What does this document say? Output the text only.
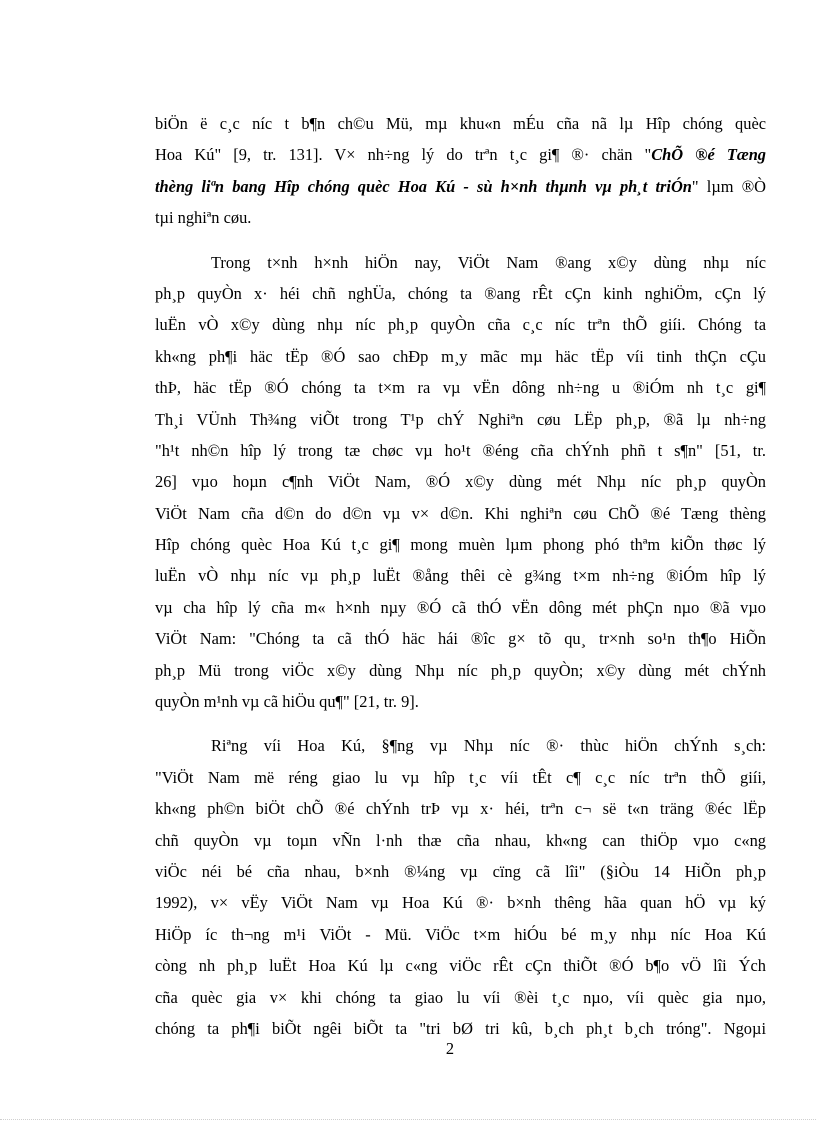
biÖn ë c¸c níc t b¶n ch©u Mü, mµ khu«n mÉu cña nã lµ Hîp chóng quèc
Hoa Kú" [9, tr. 131]. V× nh÷ng lý do trªn t¸c gi¶ ®· chän "ChÕ ®é Tæng
thèng liªn bang Hîp chóng quèc Hoa Kú - sù h×nh thµnh vµ ph¸t triÓn" lµm ®Ò
tµi nghiªn cøu.
Trong t×nh h×nh hiÖn nay, ViÖt Nam ®ang x©y dùng nhµ níc
ph¸p quyÒn x· héi chñ nghÜa, chóng ta ®ang rÊt cÇn kinh nghiÖm, cÇn lý
luËn vÒ x©y dùng nhµ níc ph¸p quyÒn cña c¸c níc trªn thÕ giíi. Chóng ta
kh«ng ph¶i häc tËp ®Ó sao chÐp m¸y mãc mµ häc tËp víi tinh thÇn cÇu
thÞ, häc tËp ®Ó chóng ta t×m ra vµ vËn dông nh÷ng u ®iÓm nh t¸c gi¶
Th¸i VÜnh Th¾ng viÕt trong T¹p chÝ Nghiªn cøu LËp ph¸p, ®ã lµ nh÷ng
"h¹t nh©n hîp lý trong tæ chøc vµ ho¹t ®éng cña chÝnh phñ t s¶n" [51, tr.
26] vµo hoµn c¶nh ViÖt Nam, ®Ó x©y dùng mét Nhµ níc ph¸p quyÒn
ViÖt Nam cña d©n do d©n vµ v× d©n. Khi nghiªn cøu ChÕ ®é Tæng thèng
Hîp chóng quèc Hoa Kú t¸c gi¶ mong muèn lµm phong phó thªm kiÕn thøc lý
luËn vÒ nhµ níc vµ ph¸p luËt ®ång thêi cè g¾ng t×m nh÷ng ®iÓm hîp lý
vµ cha hîp lý cña m« h×nh nµy ®Ó cã thÓ vËn dông mét phÇn nµo ®ã vµo
ViÖt Nam: "Chóng ta cã thÓ häc hái ®îc g× tõ qu¸ tr×nh so¹n th¶o HiÕn
ph¸p Mü trong viÖc x©y dùng Nhµ níc ph¸p quyÒn; x©y dùng mét chÝnh
quyÒn m¹nh vµ cã hiÖu qu¶" [21, tr. 9].
Riªng víi Hoa Kú, §¶ng vµ Nhµ níc ®· thùc hiÖn chÝnh s¸ch:
"ViÖt Nam më réng giao lu vµ hîp t¸c víi tÊt c¶ c¸c níc trªn thÕ giíi,
kh«ng ph©n biÖt chÕ ®é chÝnh trÞ vµ x· héi, trªn c¬ së t«n träng ®éc lËp
chñ quyÒn vµ toµn vÑn l·nh thæ cña nhau, kh«ng can thiÖp vµo c«ng
viÖc néi bé cña nhau, b×nh ®¼ng vµ cïng cã lîi" (§iÒu 14 HiÕn ph¸p
1992), v× vËy ViÖt Nam vµ Hoa Kú ®· b×nh thêng hãa quan hÖ vµ ký
HiÖp íc th¬ng m¹i ViÖt - Mü. ViÖc t×m hiÓu bé m¸y nhµ níc Hoa Kú
còng nh ph¸p luËt Hoa Kú lµ c«ng viÖc rÊt cÇn thiÕt ®Ó b¶o vÖ lîi Ých
cña quèc gia v× khi chóng ta giao lu víi ®èi t¸c nµo, víi quèc gia nµo,
chóng ta ph¶i biÕt ngêi biÕt ta "tri bØ tri kû, b¸ch ph¸t b¸ch tróng". Ngoµi
2
